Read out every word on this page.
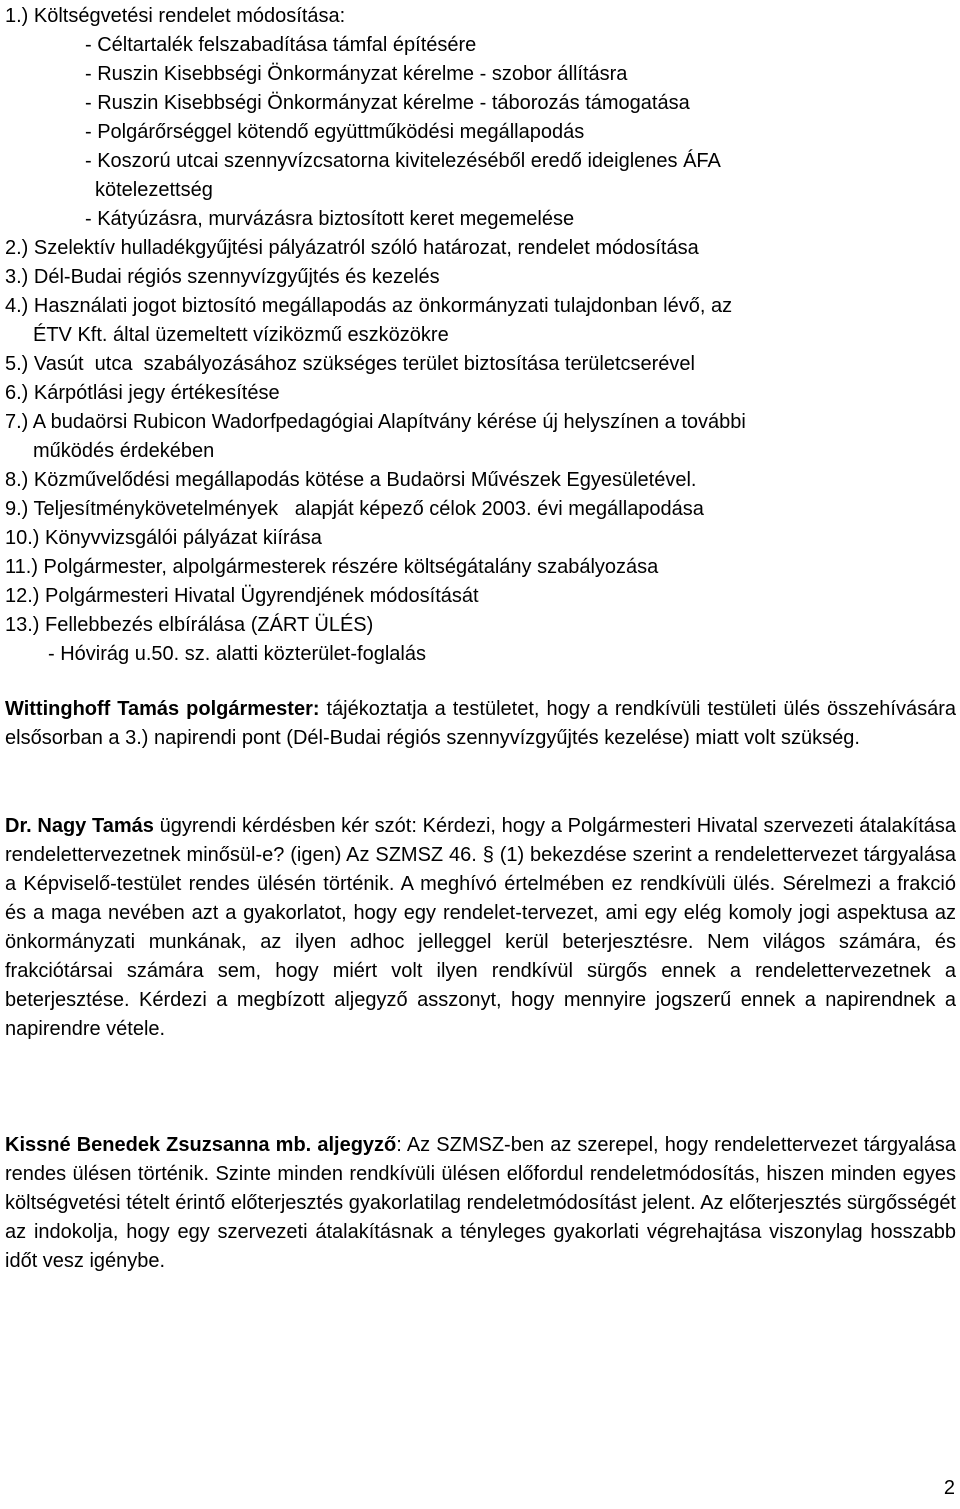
1.) Költségvetési rendelet módosítása:
- Céltartalék felszabadítása támfal építésére
- Ruszin Kisebbségi Önkormányzat kérelme - szobor állításra
- Ruszin Kisebbségi Önkormányzat kérelme - táborozás támogatása
- Polgárőrséggel kötendő együttműködési megállapodás
- Koszorú utcai szennyvízcsatorna kivitelezéséből eredő ideiglenes ÁFA
kötelezettség
- Kátyúzásra, murvázásra biztosított keret megemelése
2.) Szelektív hulladékgyűjtési pályázatról szóló határozat, rendelet módosítása
3.) Dél-Budai régiós szennyvízgyűjtés és kezelés
4.) Használati jogot biztosító megállapodás az önkormányzati tulajdonban lévő, az
ÉTV Kft. által üzemeltett víziközmű eszközökre
5.) Vasút  utca  szabályozásához szükséges terület biztosítása területcserével
6.) Kárpótlási jegy értékesítése
7.) A budaörsi Rubicon Wadorfpedagógiai Alapítvány kérése új helyszínen a további
működés érdekében
8.) Közművelődési megállapodás kötése a Budaörsi Művészek Egyesületével.
9.) Teljesítménykövetelmények   alapját képező célok 2003. évi megállapodása
10.) Könyvvizsgálói pályázat kiírása
11.) Polgármester, alpolgármesterek részére költségátalány szabályozása
12.) Polgármesteri Hivatal Ügyrendjének módosítását
13.) Fellebbezés elbírálása (ZÁRT ÜLÉS)
- Hóvirág u.50. sz. alatti közterület-foglalás

Wittinghoff Tamás polgármester: tájékoztatja a testületet, hogy a rendkívüli testületi ülés összehívására elsősorban a 3.) napirendi pont (Dél-Budai régiós szennyvízgyűjtés kezelése) miatt volt szükség.

Dr. Nagy Tamás ügyrendi kérdésben kér szót: Kérdezi, hogy a Polgármesteri Hivatal szervezeti átalakítása rendelettervezetnek minősül-e? (igen) Az SZMSZ 46. § (1) bekezdése szerint a rendelettervezet tárgyalása a Képviselő-testület rendes ülésén történik. A meghívó értelmében ez rendkívüli ülés. Sérelmezi a frakció és a maga nevében azt a gyakorlatot, hogy egy rendelet-tervezet, ami egy elég komoly jogi aspektusa az önkormányzati munkának, az ilyen adhoc jelleggel kerül beterjesztésre. Nem világos számára, és frakciótársai számára sem, hogy miért volt ilyen rendkívül sürgős ennek a rendelettervezetnek a beterjesztése. Kérdezi a megbízott aljegyző asszonyt, hogy mennyire jogszerű ennek a napirendnek a napirendre vétele.

Kissné Benedek Zsuzsanna mb. aljegyző: Az SZMSZ-ben az szerepel, hogy rendelettervezet tárgyalása rendes ülésen történik. Szinte minden rendkívüli ülésen előfordul rendeletmódosítás, hiszen minden egyes költségvetési tételt érintő előterjesztés gyakorlatilag rendeletmódosítást jelent. Az előterjesztés sürgősségét az indokolja, hogy egy szervezeti átalakításnak a tényleges gyakorlati végrehajtása viszonylag hosszabb időt vesz igénybe.

2
